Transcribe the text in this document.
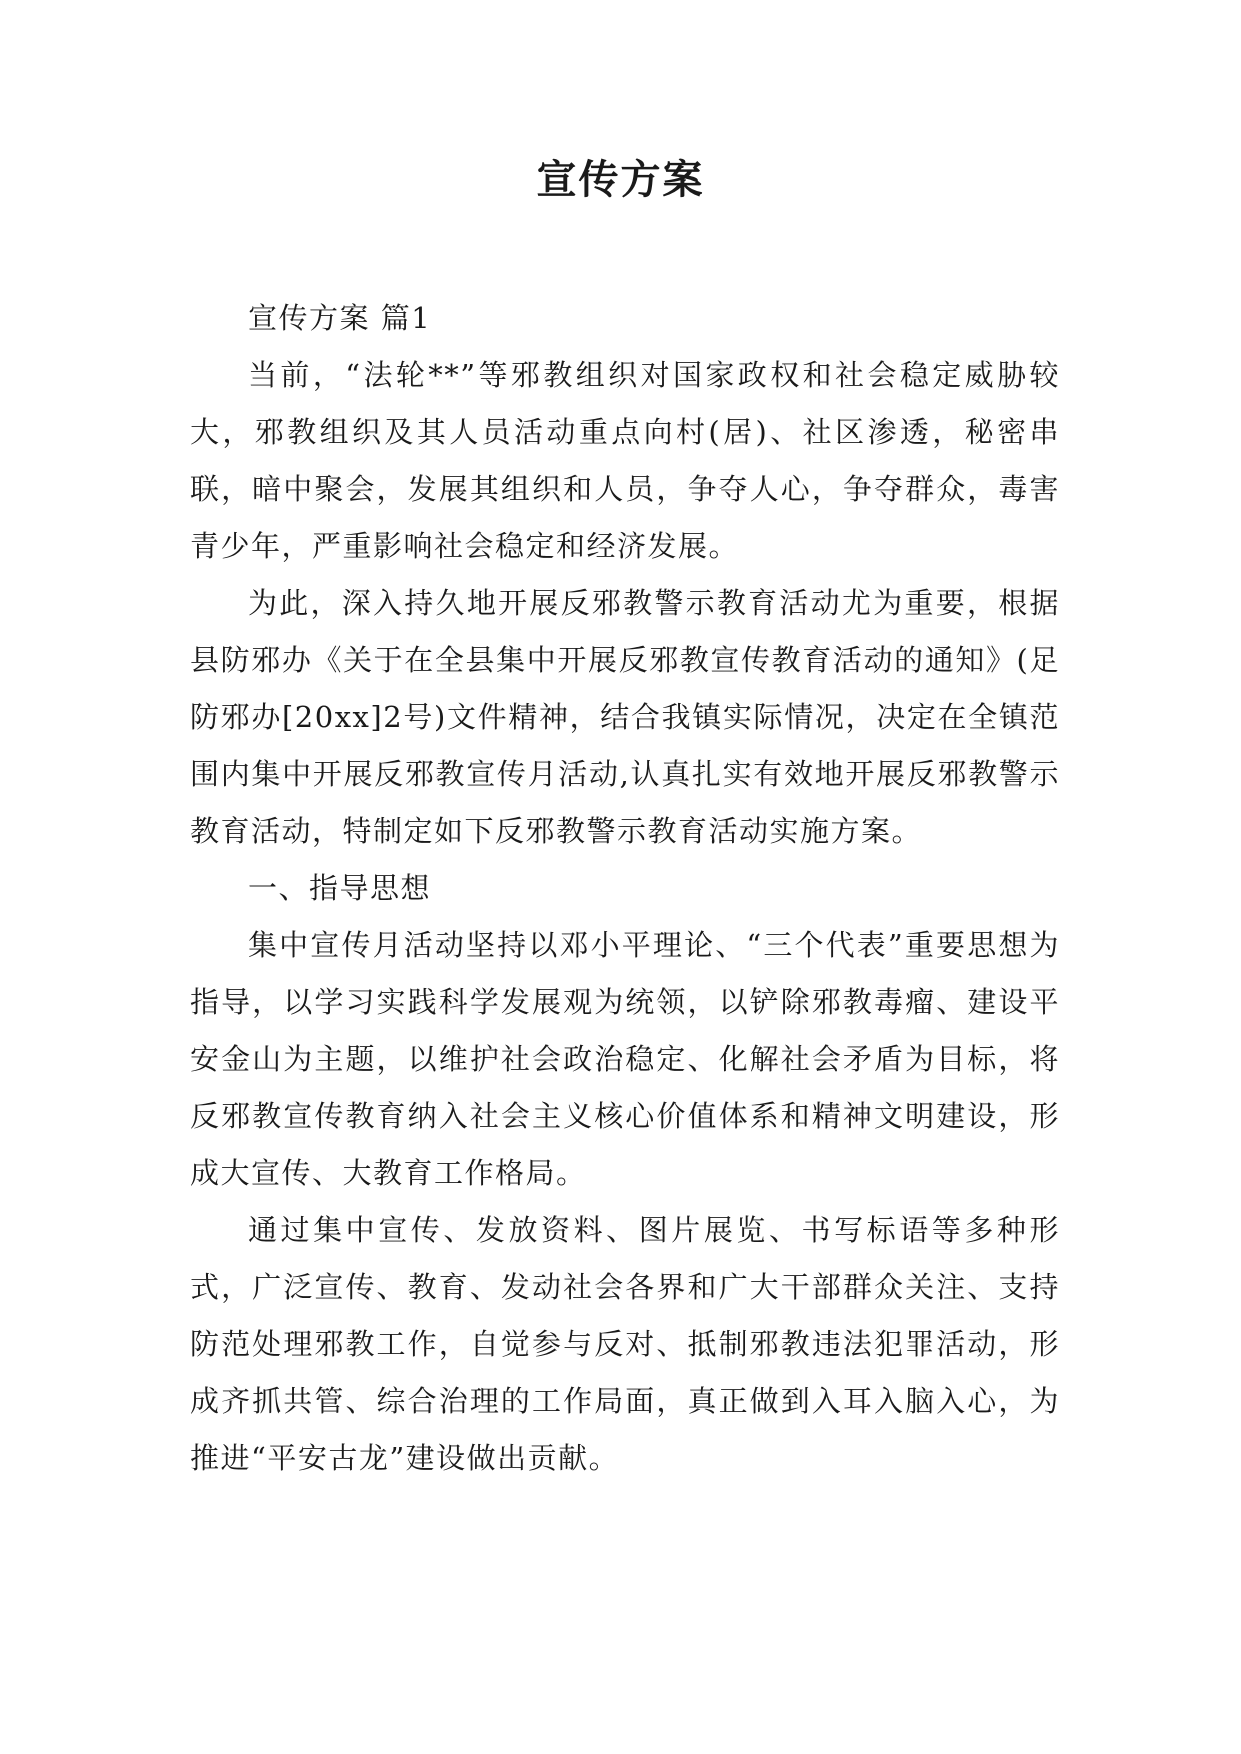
宣传方案

宣传方案 篇1

当前，“法轮**”等邪教组织对国家政权和社会稳定威胁较大，邪教组织及其人员活动重点向村(居)、社区渗透，秘密串联，暗中聚会，发展其组织和人员，争夺人心，争夺群众，毒害青少年，严重影响社会稳定和经济发展。

为此，深入持久地开展反邪教警示教育活动尤为重要，根据县防邪办《关于在全县集中开展反邪教宣传教育活动的通知》(足防邪办[20xx]2号)文件精神，结合我镇实际情况，决定在全镇范围内集中开展反邪教宣传月活动,认真扎实有效地开展反邪教警示教育活动，特制定如下反邪教警示教育活动实施方案。

一、指导思想

集中宣传月活动坚持以邓小平理论、“三个代表”重要思想为指导，以学习实践科学发展观为统领，以铲除邪教毒瘤、建设平安金山为主题，以维护社会政治稳定、化解社会矛盾为目标，将反邪教宣传教育纳入社会主义核心价值体系和精神文明建设，形成大宣传、大教育工作格局。

通过集中宣传、发放资料、图片展览、书写标语等多种形式，广泛宣传、教育、发动社会各界和广大干部群众关注、支持防范处理邪教工作，自觉参与反对、抵制邪教违法犯罪活动，形成齐抓共管、综合治理的工作局面，真正做到入耳入脑入心，为推进“平安古龙”建设做出贡献。
